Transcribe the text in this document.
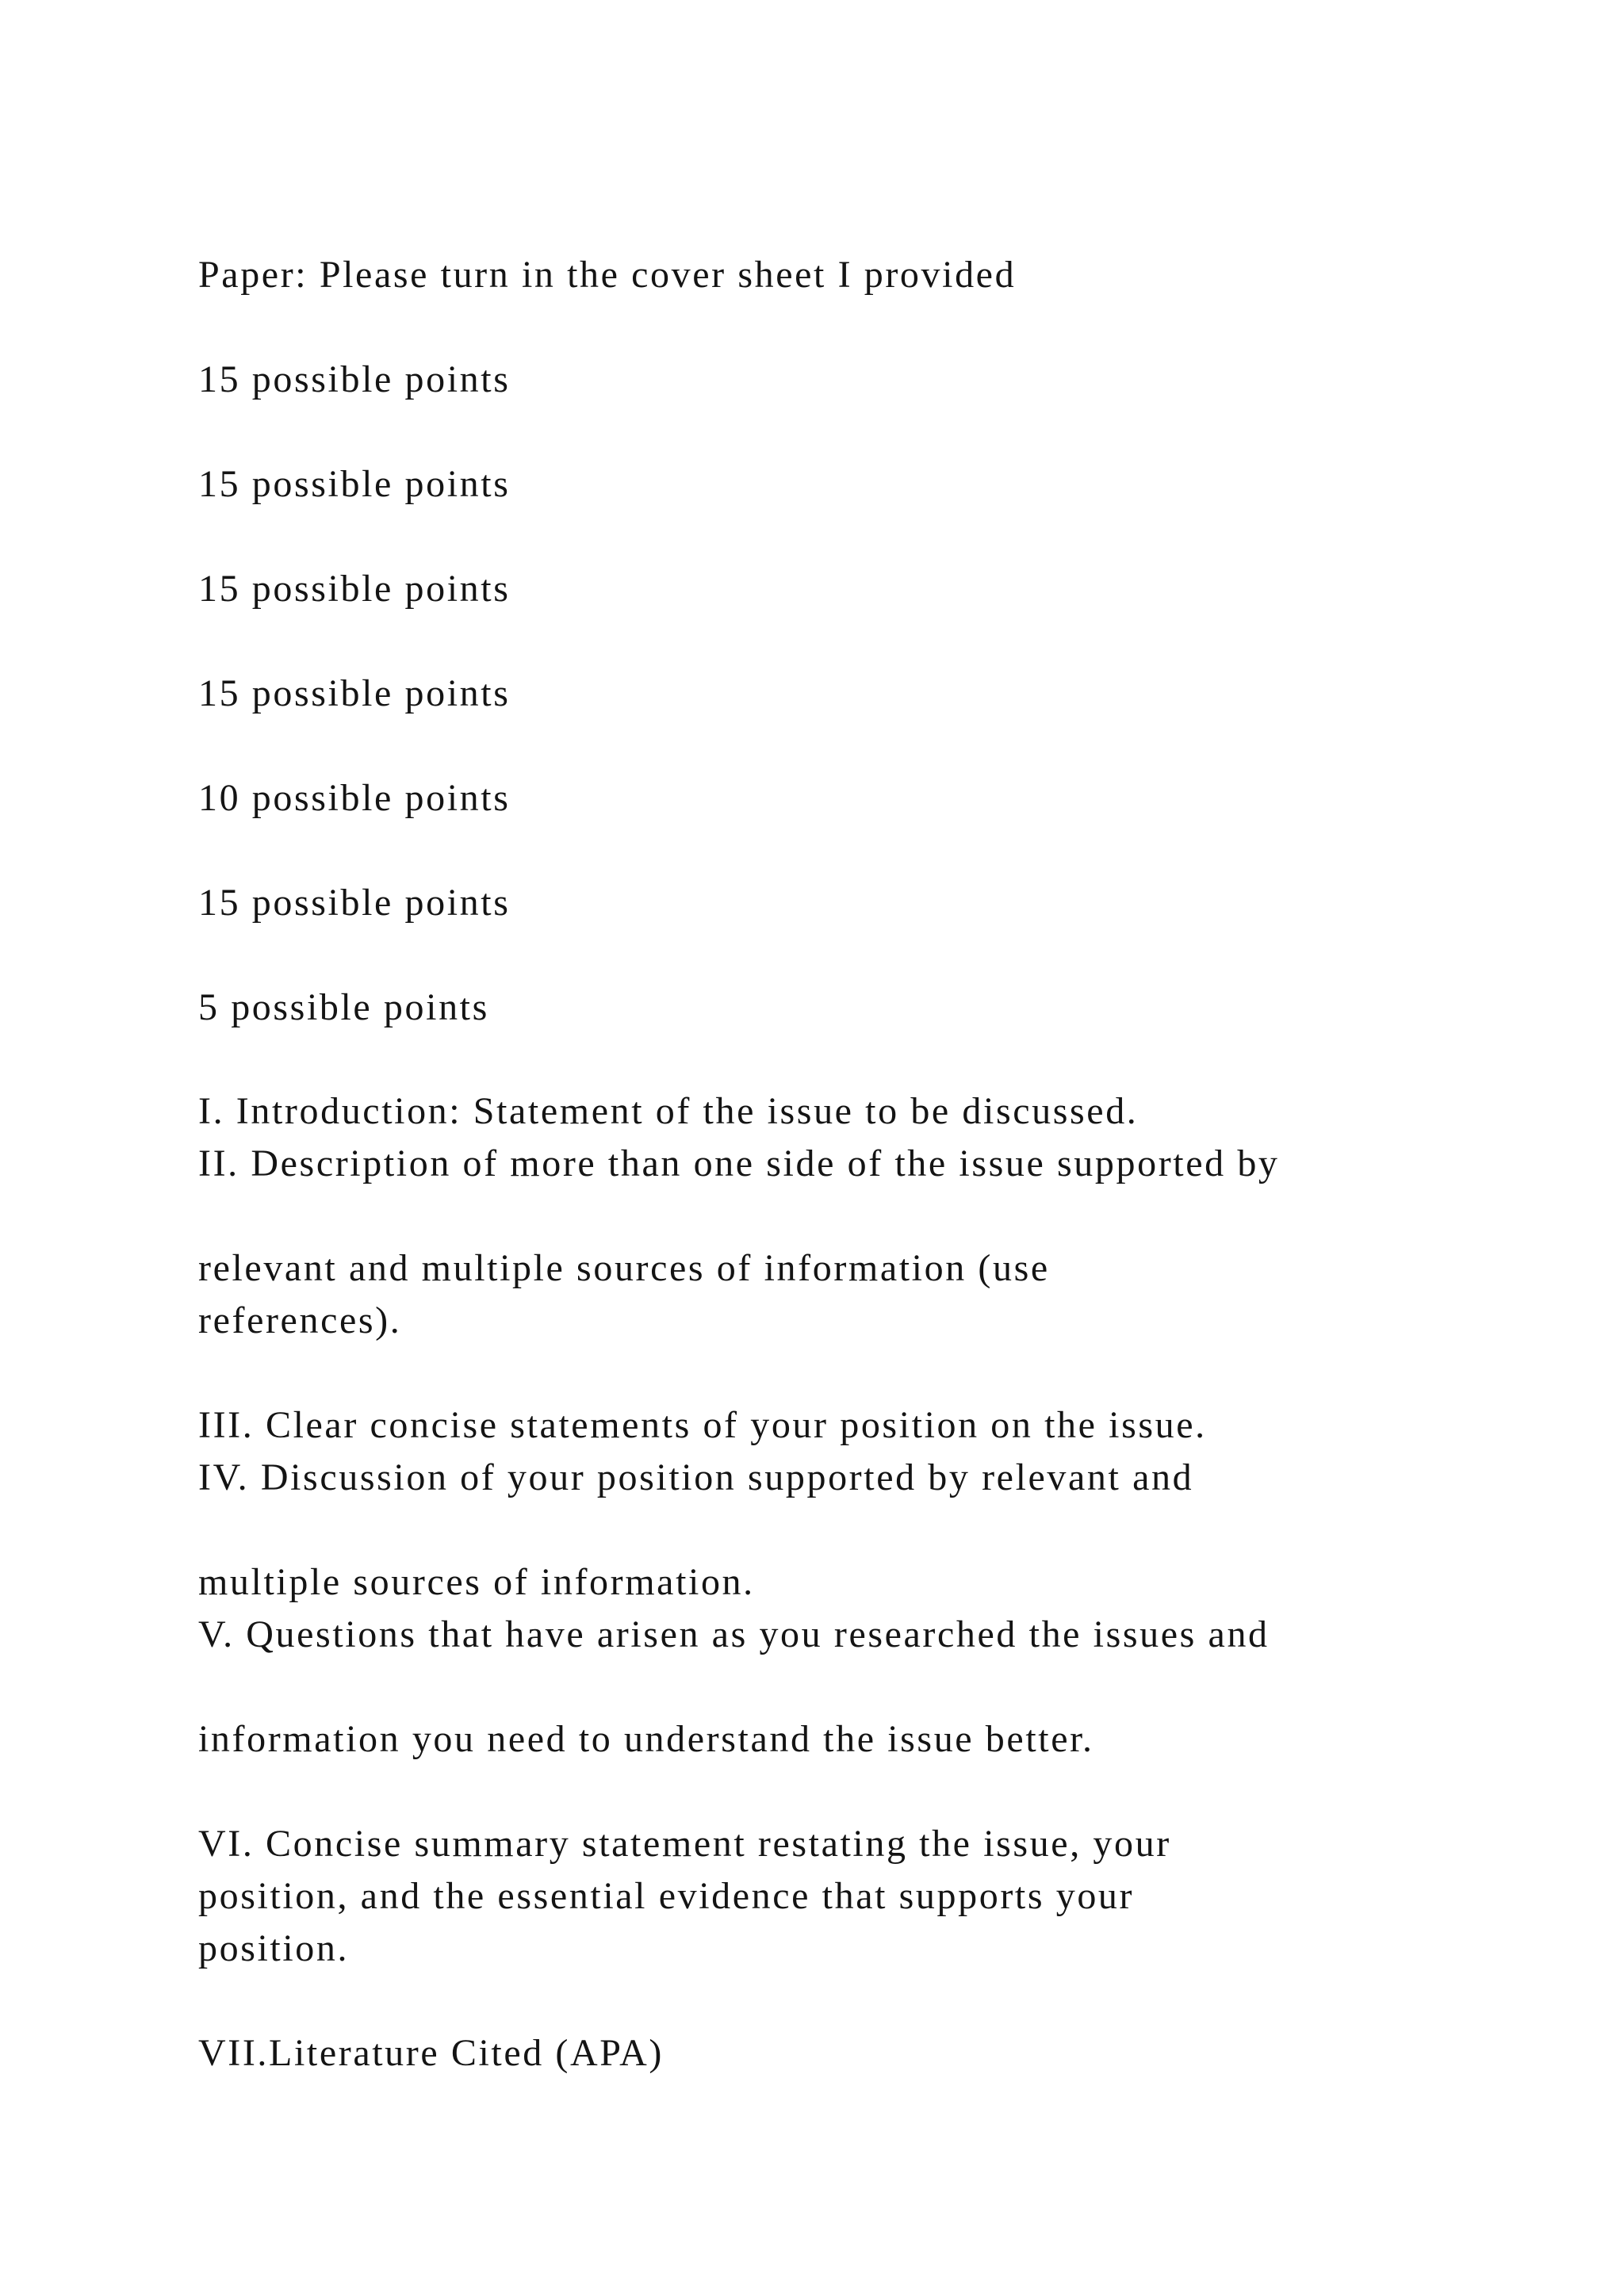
Paper: Please turn in the cover sheet I provided
15 possible points
15 possible points
15 possible points
15 possible points
10 possible points
15 possible points
5 possible points
I. Introduction: Statement of the issue to be discussed.
II. Description of more than one side of the issue supported by
relevant and multiple sources of information (use
references).
III. Clear concise statements of your position on the issue.
IV. Discussion of your position supported by relevant and
multiple sources of information.
V. Questions that have arisen as you researched the issues and
information you need to understand the issue better.
VI. Concise summary statement restating the issue, your
position, and the essential evidence that supports your
position.
VII.Literature Cited (APA)
